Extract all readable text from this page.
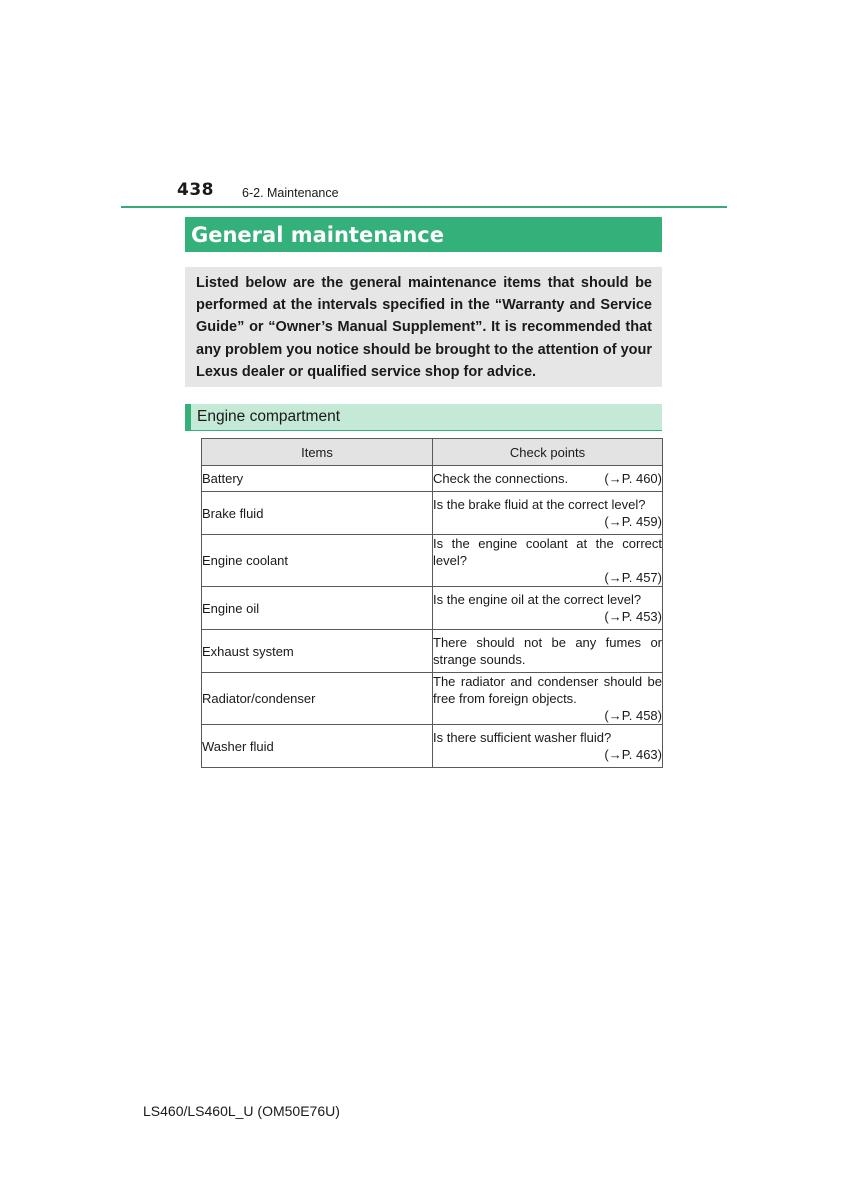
438 6-2. Maintenance
General maintenance

Listed below are the general maintenance items that should be performed at the intervals specified in the “Warranty and Service Guide” or “Owner’s Manual Supplement”. It is recommended that any problem you notice should be brought to the attention of your Lexus dealer or qualified service shop for advice.

Engine compartment
Items	Check points
Battery	Check the connections. (→P. 460)

Brake fluid	Is the brake fluid at the correct level?
(→P. 459)

Engine coolant	Is the engine coolant at the correct level?
(→P. 457)

Engine oil	Is the engine oil at the correct level?
(→P. 453)

Exhaust system	There should not be any fumes or strange sounds.

Radiator/condenser	The radiator and condenser should be free from foreign objects.
(→P. 458)

Washer fluid	Is there sufficient washer fluid?
(→P. 463)
LS460/LS460L_U (OM50E76U)
